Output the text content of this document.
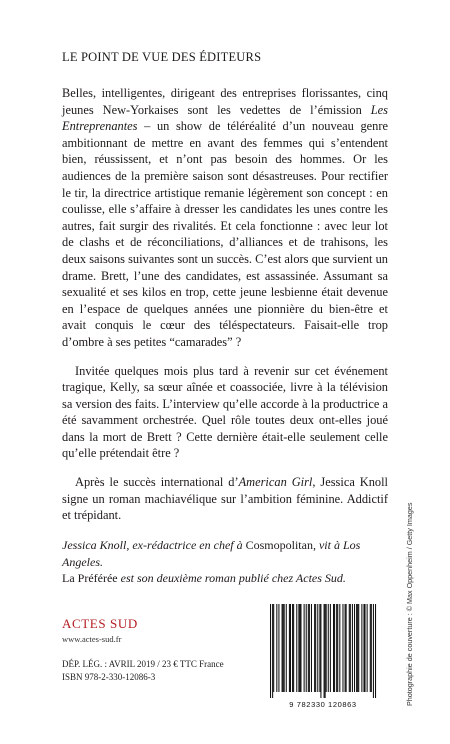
LE POINT DE VUE DES ÉDITEURS

Belles, intelligentes, dirigeant des entreprises florissantes, cinq jeunes New-Yorkaises sont les vedettes de l’émission Les Entreprenantes – un show de téléréalité d’un nouveau genre ambitionnant de mettre en avant des femmes qui s’entendent bien, réussissent, et n’ont pas besoin des hommes. Or les audiences de la première saison sont désastreuses. Pour rectifier le tir, la directrice artistique remanie légèrement son concept : en coulisse, elle s’affaire à dresser les candidates les unes contre les autres, fait surgir des rivalités. Et cela fonctionne : avec leur lot de clashs et de réconciliations, d’alliances et de trahisons, les deux saisons suivantes sont un succès. C’est alors que survient un drame. Brett, l’une des candidates, est assassinée. Assumant sa sexualité et ses kilos en trop, cette jeune lesbienne était devenue en l’espace de quelques années une pionnière du bien-être et avait conquis le cœur des téléspectateurs. Faisait-elle trop d’ombre à ses petites “camarades” ?

Invitée quelques mois plus tard à revenir sur cet événement tragique, Kelly, sa sœur aînée et coassociée, livre à la télévision sa version des faits. L’interview qu’elle accorde à la productrice a été savamment orchestrée. Quel rôle toutes deux ont-elles joué dans la mort de Brett ? Cette dernière était-elle seulement celle qu’elle prétendait être ?

Après le succès international d’American Girl, Jessica Knoll signe un roman machiavélique sur l’ambition féminine. Addictif et trépidant.

Jessica Knoll, ex-rédactrice en chef à Cosmopolitan, vit à Los Angeles.
La Préférée est son deuxième roman publié chez Actes Sud.
ACTES SUD
www.actes-sud.fr
DÉP. LÉG. : AVRIL 2019 / 23 € TTC France
ISBN 978-2-330-12086-3
9 782330 120863	Photographie de couverture : © Max Oppenheim / Getty Images
